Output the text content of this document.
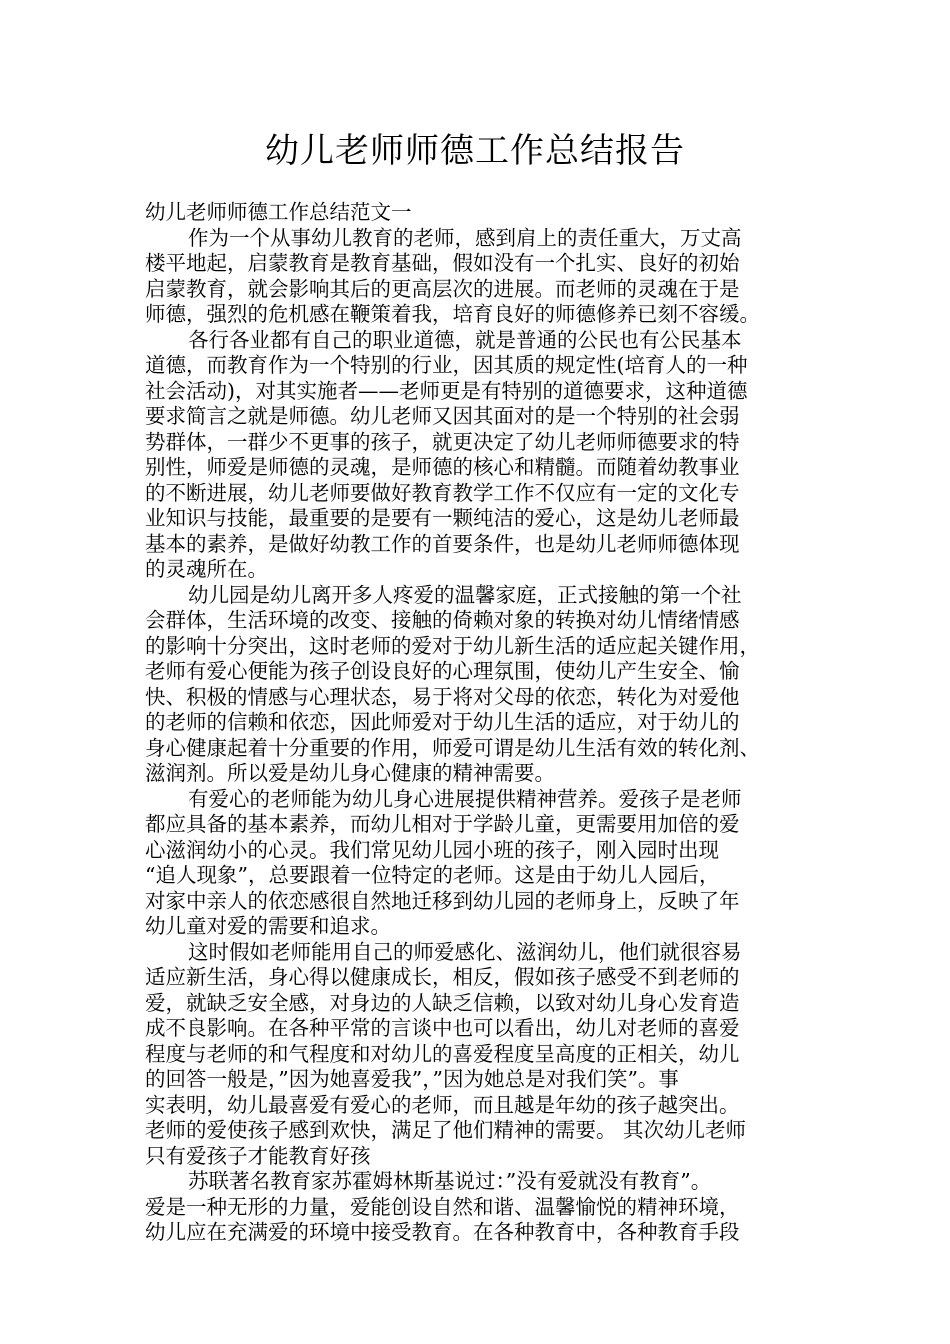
幼儿老师师德工作总结报告

幼儿老师师德工作总结范文一

作为一个从事幼儿教育的老师，感到肩上的责任重大，万丈高

楼平地起，启蒙教育是教育基础，假如没有一个扎实、良好的初始

启蒙教育，就会影响其后的更高层次的进展。而老师的灵魂在于是

师德，强烈的危机感在鞭策着我，培育良好的师德修养已刻不容缓。

各行各业都有自己的职业道德，就是普通的公民也有公民基本

道德，而教育作为一个特别的行业，因其质的规定性(培育人的一种

社会活动)，对其实施者——老师更是有特别的道德要求，这种道德

要求简言之就是师德。幼儿老师又因其面对的是一个特别的社会弱

势群体，一群少不更事的孩子，就更决定了幼儿老师师德要求的特

别性，师爱是师德的灵魂，是师德的核心和精髓。而随着幼教事业

的不断进展，幼儿老师要做好教育教学工作不仅应有一定的文化专

业知识与技能，最重要的是要有一颗纯洁的爱心，这是幼儿老师最

基本的素养，是做好幼教工作的首要条件，也是幼儿老师师德体现

的灵魂所在。

幼儿园是幼儿离开多人疼爱的温馨家庭，正式接触的第一个社

会群体，生活环境的改变、接触的倚赖对象的转换对幼儿情绪情感

的影响十分突出，这时老师的爱对于幼儿新生活的适应起关键作用，

老师有爱心便能为孩子创设良好的心理氛围，使幼儿产生安全、愉

快、积极的情感与心理状态，易于将对父母的依恋，转化为对爱他

的老师的信赖和依恋，因此师爱对于幼儿生活的适应，对于幼儿的

身心健康起着十分重要的作用，师爱可谓是幼儿生活有效的转化剂、

滋润剂。所以爱是幼儿身心健康的精神需要。

有爱心的老师能为幼儿身心进展提供精神营养。爱孩子是老师

都应具备的基本素养，而幼儿相对于学龄儿童，更需要用加倍的爱

心滋润幼小的心灵。我们常见幼儿园小班的孩子，刚入园时出现

“追人现象”，总要跟着一位特定的老师。这是由于幼儿人园后，

对家中亲人的依恋感很自然地迁移到幼儿园的老师身上，反映了年

幼儿童对爱的需要和追求。

这时假如老师能用自己的师爱感化、滋润幼儿，他们就很容易

适应新生活，身心得以健康成长，相反，假如孩子感受不到老师的

爱，就缺乏安全感，对身边的人缺乏信赖，以致对幼儿身心发育造

成不良影响。在各种平常的言谈中也可以看出，幼儿对老师的喜爱

程度与老师的和气程度和对幼儿的喜爱程度呈高度的正相关，幼儿

的回答一般是，”因为她喜爱我”，”因为她总是对我们笑”。事

实表明，幼儿最喜爱有爱心的老师，而且越是年幼的孩子越突出。

老师的爱使孩子感到欢快，满足了他们精神的需要。 其次幼儿老师

只有爱孩子才能教育好孩

苏联著名教育家苏霍姆林斯基说过：”没有爱就没有教育”。

爱是一种无形的力量，爱能创设自然和谐、温馨愉悦的精神环境，

幼儿应在充满爱的环境中接受教育。在各种教育中，各种教育手段
